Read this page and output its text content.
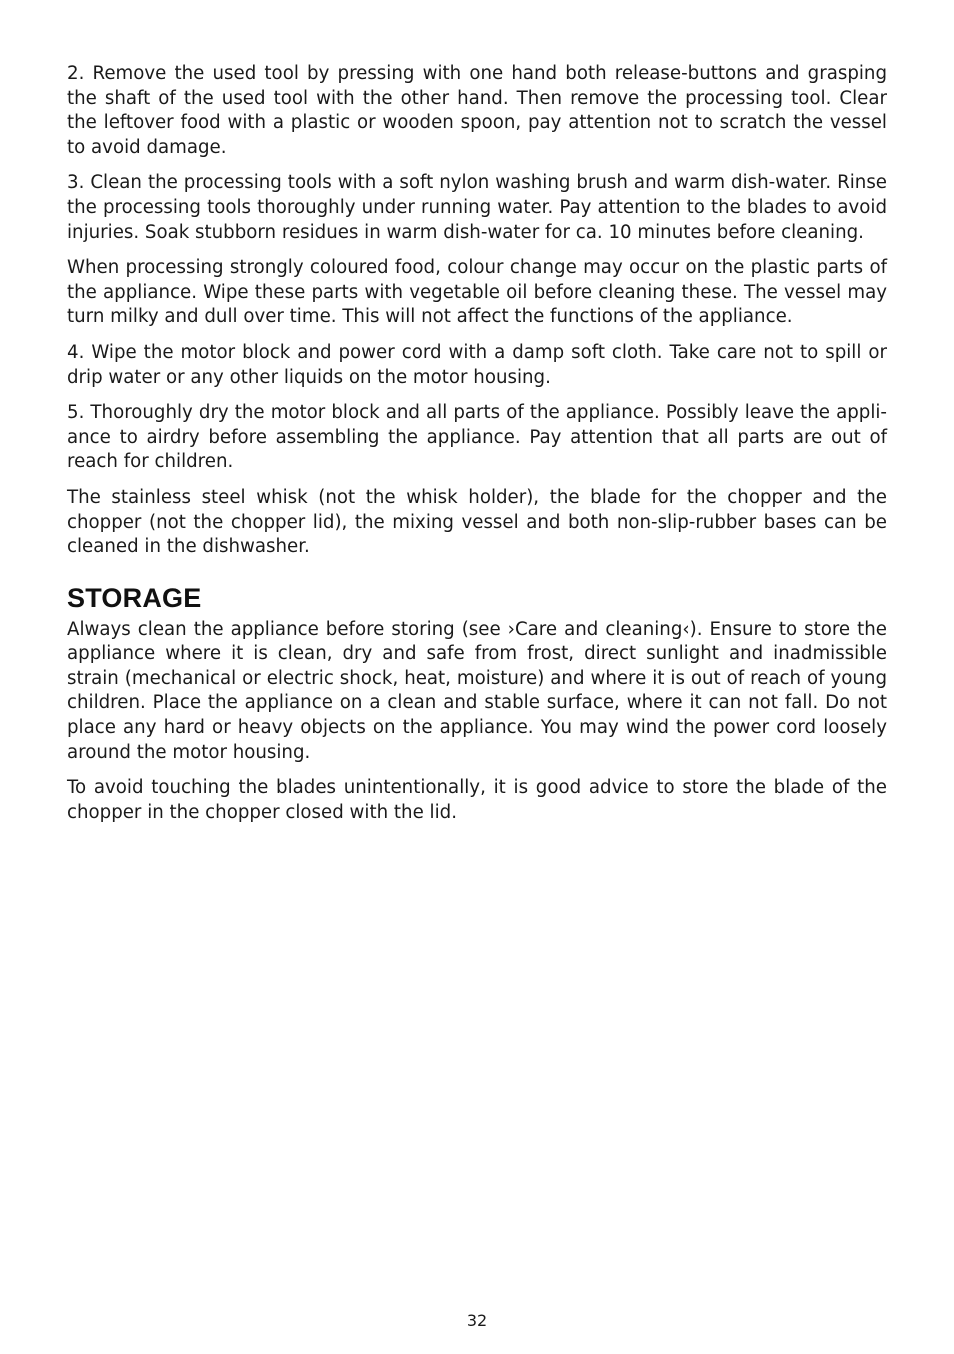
2. Remove the used tool by pressing with one hand both release-buttons and grasping the shaft of the used tool with the other hand. Then remove the processing tool. Clear the leftover food with a plastic or wooden spoon, pay attention not to scratch the vessel to avoid damage.

3. Clean the processing tools with a soft nylon washing brush and warm dish-water. Rinse the processing tools thoroughly under running water. Pay attention to the blades to avoid injuries. Soak stubborn residues in warm dish-water for ca. 10 minutes before cleaning.

When processing strongly coloured food, colour change may occur on the plastic parts of the appliance. Wipe these parts with vegetable oil before cleaning these. The vessel may turn milky and dull over time. This will not affect the functions of the appliance.

4. Wipe the motor block and power cord with a damp soft cloth. Take care not to spill or drip water or any other liquids on the motor housing.

5. Thoroughly dry the motor block and all parts of the appliance. Possibly leave the appliance to airdry before assembling the appliance. Pay attention that all parts are out of reach for children.

The stainless steel whisk (not the whisk holder), the blade for the chopper and the chopper (not the chopper lid), the mixing vessel and both non-slip-rubber bases can be cleaned in the dishwasher.

STORAGE

Always clean the appliance before storing (see ›Care and cleaning‹). Ensure to store the appliance where it is clean, dry and safe from frost, direct sunlight and inadmissible strain (mechanical or electric shock, heat, moisture) and where it is out of reach of young children. Place the appliance on a clean and stable surface, where it can not fall. Do not place any hard or heavy objects on the appliance. You may wind the power cord loosely around the motor housing.

To avoid touching the blades unintentionally, it is good advice to store the blade of the chopper in the chopper closed with the lid.

32
